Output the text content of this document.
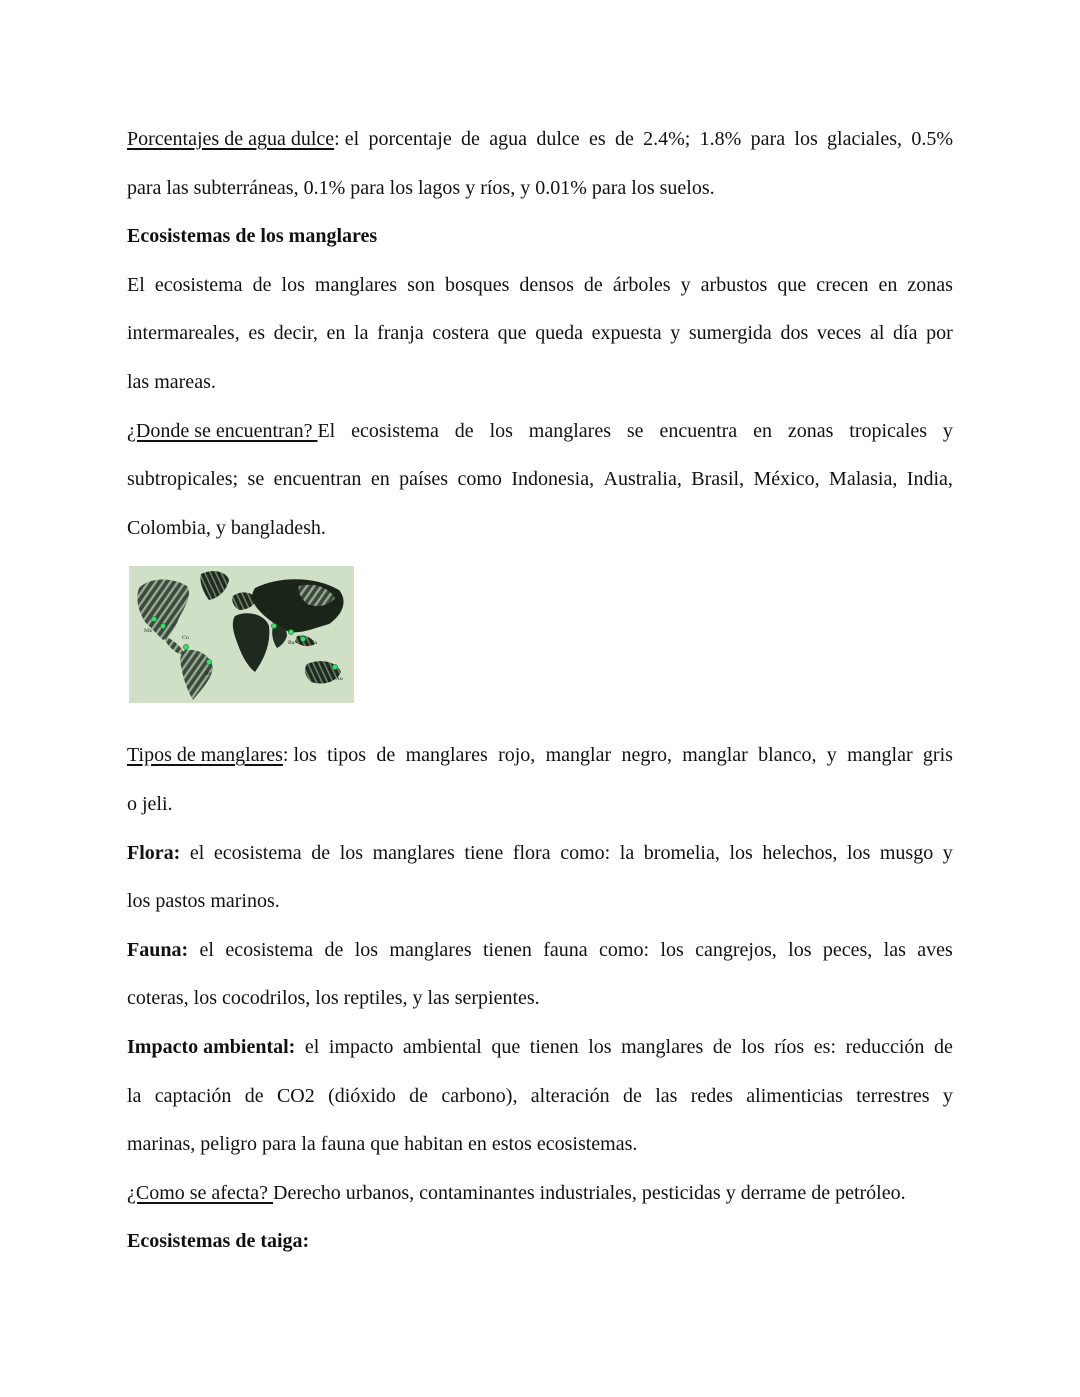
Porcentajes de agua dulce: el porcentaje de agua dulce es de 2.4%; 1.8% para los glaciales, 0.5%
para las subterráneas, 0.1% para los lagos y ríos, y 0.01% para los suelos.
Ecosistemas de los manglares
El ecosistema de los manglares son bosques densos de árboles y arbustos que crecen en zonas
intermareales, es decir, en la franja costera que queda expuesta y sumergida dos veces al día por
las mareas.
¿Donde se encuentran? El ecosistema de los manglares se encuentra en zonas tropicales y
subtropicales; se encuentran en países como Indonesia, Australia, Brasil, México, Malasia, India,
Colombia, y bangladesh.
Mx
Co
Br
In
Ba	Ma
Au
Tipos de manglares: los tipos de manglares rojo, manglar negro, manglar blanco, y manglar gris
o jeli.
Flora: el ecosistema de los manglares tiene flora como: la bromelia, los helechos, los musgo y
los pastos marinos.
Fauna: el ecosistema de los manglares tienen fauna como: los cangrejos, los peces, las aves
coteras, los cocodrilos, los reptiles, y las serpientes.
Impacto ambiental: el impacto ambiental que tienen los manglares de los ríos es: reducción de
la captación de CO2 (dióxido de carbono), alteración de las redes alimenticias terrestres y
marinas, peligro para la fauna que habitan en estos ecosistemas.
¿Como se afecta? Derecho urbanos, contaminantes industriales, pesticidas y derrame de petróleo.
Ecosistemas de taiga:
